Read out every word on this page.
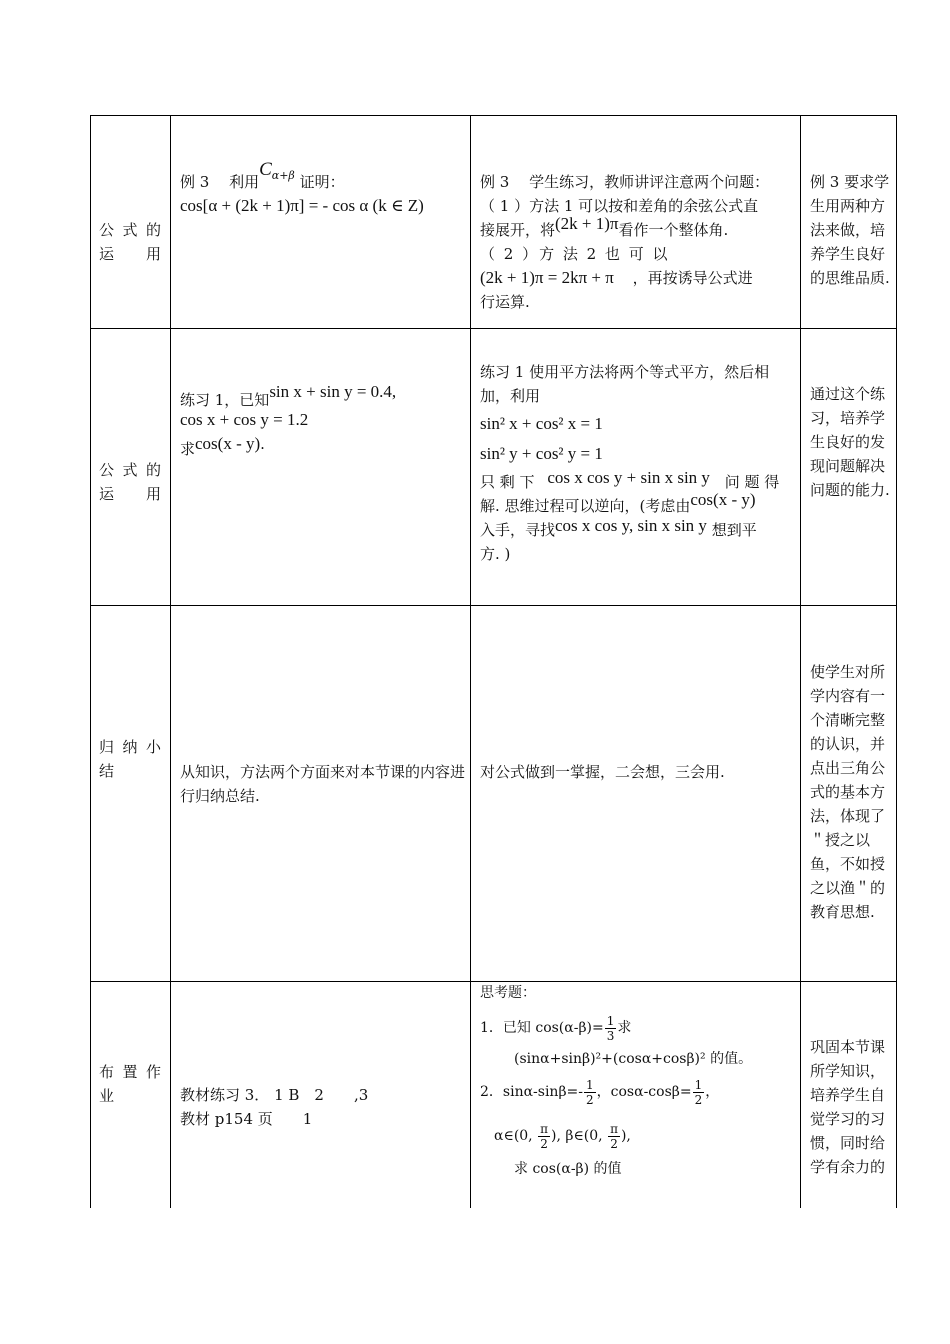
公 式 的 运用
例 3　 利用$C^{\alpha+\beta}$ 证明：
cos[α + (2k + 1)π] = - cos α (k ∈ Z)
例 3　 学生练习，教师讲评注意两个问题：
（ 1 ）方法 1 可以按和差角的余弦公式直
接展开，将(2k + 1)π看作一个整体角.
（ 2 ）方 法 2 也 可 以
(2k + 1)π = 2kπ + π ，再按诱导公式进
行运算.
例 3 要求学生用两种方法来做，培养学生良好的思维品质.
公 式 的 运用
练习 1，已知sin x + sin y = 0.4,
cos x + cos y = 1.2
求cos(x - y).
练习 1 使用平方法将两个等式平方，然后相
加，利用
sin² x + cos² x = 1
sin² y + cos² y = 1
只 剩 下 cos x cos y + sin x sin y 问 题 得
解. 思维过程可以逆向，(考虑由cos(x - y)
入手，寻找cos x cos y, sin x sin y 想到平
方. )
通过这个练习，培养学生良好的发现问题解决问题的能力.
归 纳 小 结	从知识，方法两个方面来对本节课的内容进行归纳总结.
对公式做到一掌握，二会想，三会用.
使学生对所学内容有一个清晰完整的认识，并点出三角公式的基本方法，体现了＂授之以鱼，不如授之以渔＂的教育思想.
布 置 作 业	教材练习 3． 1 B　2　　,3
教材 p154 页　　1
思考题：
1．已知 $\cos(\alpha-\beta)= \frac{1}{3}$ 求
(sinα+sinβ)²+(cosα+cosβ)² 的值。
2．$\sin\alpha-\sin\beta=- \frac{1}{2}$ ，$\cos\alpha-\cos\beta= \frac{1}{2}$ ，
α∈(0, $\frac{\pi}{2}$ ), β∈(0, $\frac{\pi}{2}$ ),
求 cos(α-β) 的值
巩固本节课所学知识，培养学生自觉学习的习惯，同时给学有余力的
